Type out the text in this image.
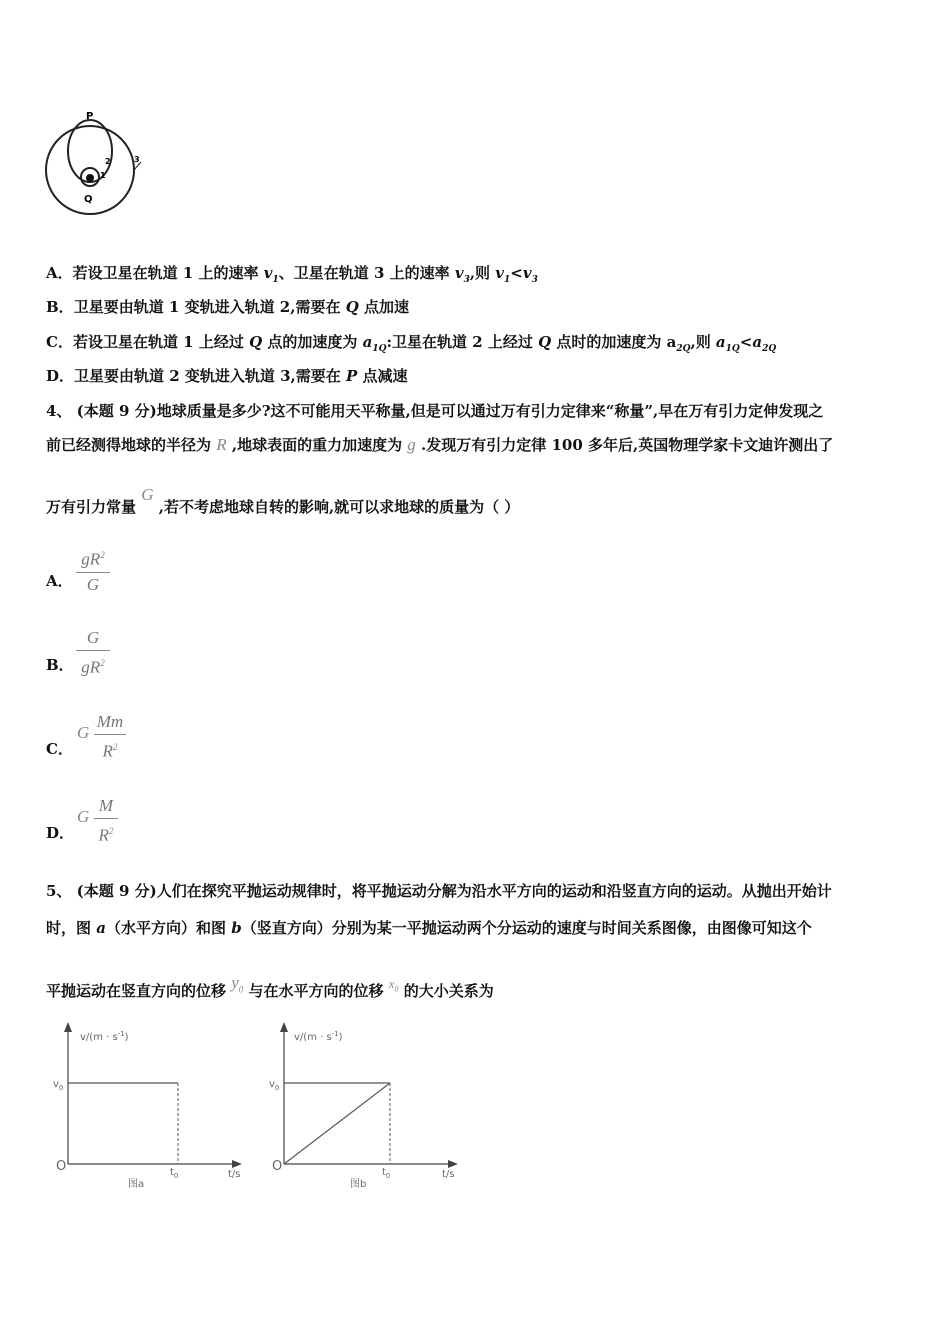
P
Q
1
2	3
A．若设卫星在轨道 1 上的速率 $v_1$、卫星在轨道 3 上的速率 $v_3$,则 $v_1<v_3$
B．卫星要由轨道 1 变轨进入轨道 2,需要在 Q 点加速
C．若设卫星在轨道 1 上经过 Q 点的加速度为 $a_{1Q}$:卫星在轨道 2 上经过 Q 点时的加速度为 $a_{2Q}$,则 $a_{1Q}<a_{2Q}$
D．卫星要由轨道 2 变轨进入轨道 3,需要在 P 点减速
4、 (本题 9 分)地球质量是多少?这不可能用天平称量,但是可以通过万有引力定律来“称量”,早在万有引力定伸发现之
前已经测得地球的半径为 R ,地球表面的重力加速度为 g .发现万有引力定律 100 多年后,英国物理学家卡文迪许测出了
万有引力常量 G ,若不考虑地球自转的影响,就可以求地球的质量为（ ）
A．
$gR^2$
G
B．
G
$gR^2$
C．
G
Mm
$R^2$
D．
G
M
$R^2$
5、 (本题 9 分)人们在探究平抛运动规律时，将平抛运动分解为沿水平方向的运动和沿竖直方向的运动。从抛出开始计
时，图 a（水平方向）和图 b（竖直方向）分别为某一平抛运动两个分运动的速度与时间关系图像，由图像可知这个
平抛运动在竖直方向的位移 $y_0$ 与在水平方向的位移 $x_0$ 的大小关系为
$v/(m \cdot s^{-1})$
$v_0$
O	$t_0$	t/s
图a
$v/(m \cdot s^{-1})$
$v_0$
O	$t_0$	t/s
图b
